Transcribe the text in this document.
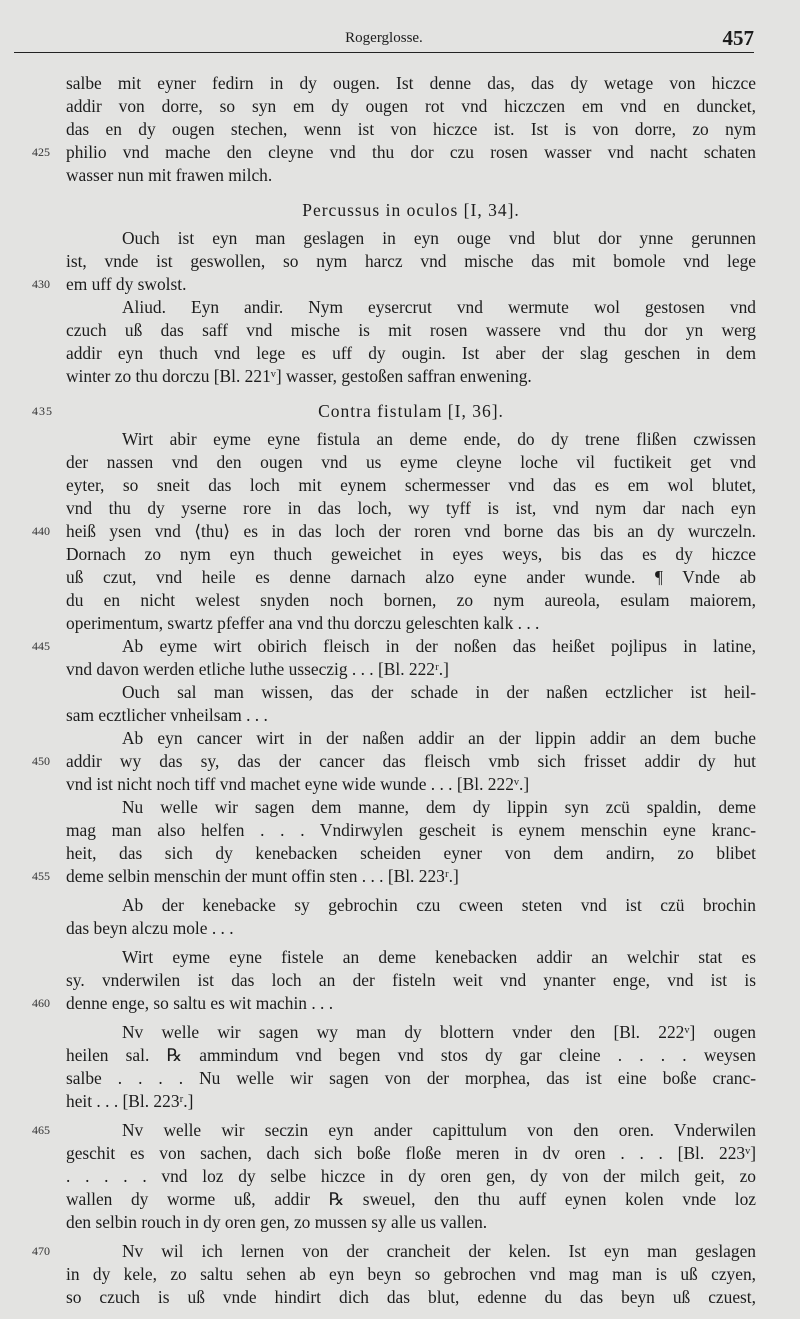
Rogerglosse.	457
salbe mit eyner fedirn in dy ougen. Ist denne das, das dy wetage von hiczce
addir von dorre, so syn em dy ougen rot vnd hiczczen em vnd en duncket,
das en dy ougen stechen, wenn ist von hiczce ist. Ist is von dorre, zo nym
425 philio vnd mache den cleyne vnd thu dor czu rosen wasser vnd nacht schaten
wasser nun mit frawen milch.
Percussus in oculos [I, 34].
Ouch ist eyn man geslagen in eyn ouge vnd blut dor ynne gerunnen
ist, vnde ist geswollen, so nym harcz vnd mische das mit bomole vnd lege
430 em uff dy swolst.
Aliud. Eyn andir. Nym eysercrut vnd wermute wol gestosen vnd
czuch uß das saff vnd mische is mit rosen wassere vnd thu dor yn werg
addir eyn thuch vnd lege es uff dy ougin. Ist aber der slag geschen in dem
winter zo thu dorczu [Bl. 221ᵛ] wasser, gestoßen saffran enwening.
435	Contra fistulam [I, 36].
Wirt abir eyme eyne fistula an deme ende, do dy trene flißen czwissen
der nassen vnd den ougen vnd us eyme cleyne loche vil fuctikeit get vnd
eyter, so sneit das loch mit eynem schermesser vnd das es em wol blutet,
vnd thu dy yserne rore in das loch, wy tyff is ist, vnd nym dar nach eyn
440 heiß ysen vnd ⟨thu⟩ es in das loch der roren vnd borne das bis an dy wurczeln.
Dornach zo nym eyn thuch geweichet in eyes weys, bis das es dy hiczce
uß czut, vnd heile es denne darnach alzo eyne ander wunde. ¶ Vnde ab
du en nicht welest snyden noch bornen, zo nym aureola, esulam maiorem,
operimentum, swartz pfeffer ana vnd thu dorczu geleschten kalk . . .
445	Ab eyme wirt obirich fleisch in der noßen das heißet pojlipus in latine,
vnd davon werden etliche luthe usseczig . . . [Bl. 222ʳ.]
Ouch sal man wissen, das der schade in der naßen ectzlicher ist heil-
sam ecztlicher vnheilsam . . .
Ab eyn cancer wirt in der naßen addir an der lippin addir an dem buche
450 addir wy das sy, das der cancer das fleisch vmb sich frisset addir dy hut
vnd ist nicht noch tiff vnd machet eyne wide wunde . . . [Bl. 222ᵛ.]
Nu welle wir sagen dem manne, dem dy lippin syn zcü spaldin, deme
mag man also helfen . . . Vndirwylen gescheit is eynem menschin eyne kranc-
heit, das sich dy kenebacken scheiden eyner von dem andirn, zo blibet
455 deme selbin menschin der munt offin sten . . . [Bl. 223ʳ.]
Ab der kenebacke sy gebrochin czu cween steten vnd ist czü brochin
das beyn alczu mole . . .
Wirt eyme eyne fistele an deme kenebacken addir an welchir stat es
sy. vnderwilen ist das loch an der fisteln weit vnd ynanter enge, vnd ist is
460 denne enge, so saltu es wit machin . . .
Nv welle wir sagen wy man dy blottern vnder den [Bl. 222ᵛ] ougen
heilen sal. ℞ ammindum vnd begen vnd stos dy gar cleine . . . . weysen
salbe . . . . Nu welle wir sagen von der morphea, das ist eine boße cranc-
heit . . . [Bl. 223ʳ.]
465	Nv welle wir seczin eyn ander capittulum von den oren. Vnderwilen
geschit es von sachen, dach sich boße floße meren in dv oren . . . [Bl. 223ᵛ]
. . . . . vnd loz dy selbe hiczce in dy oren gen, dy von der milch geit, zo
wallen dy worme uß, addir ℞ sweuel, den thu auff eynen kolen vnde loz
den selbin rouch in dy oren gen, zo mussen sy alle us vallen.
470	Nv wil ich lernen von der crancheit der kelen. Ist eyn man geslagen
in dy kele, zo saltu sehen ab eyn beyn so gebrochen vnd mag man is uß czyen,
so czuch is uß vnde hindirt dich das blut, edenne du das beyn uß czuest,
